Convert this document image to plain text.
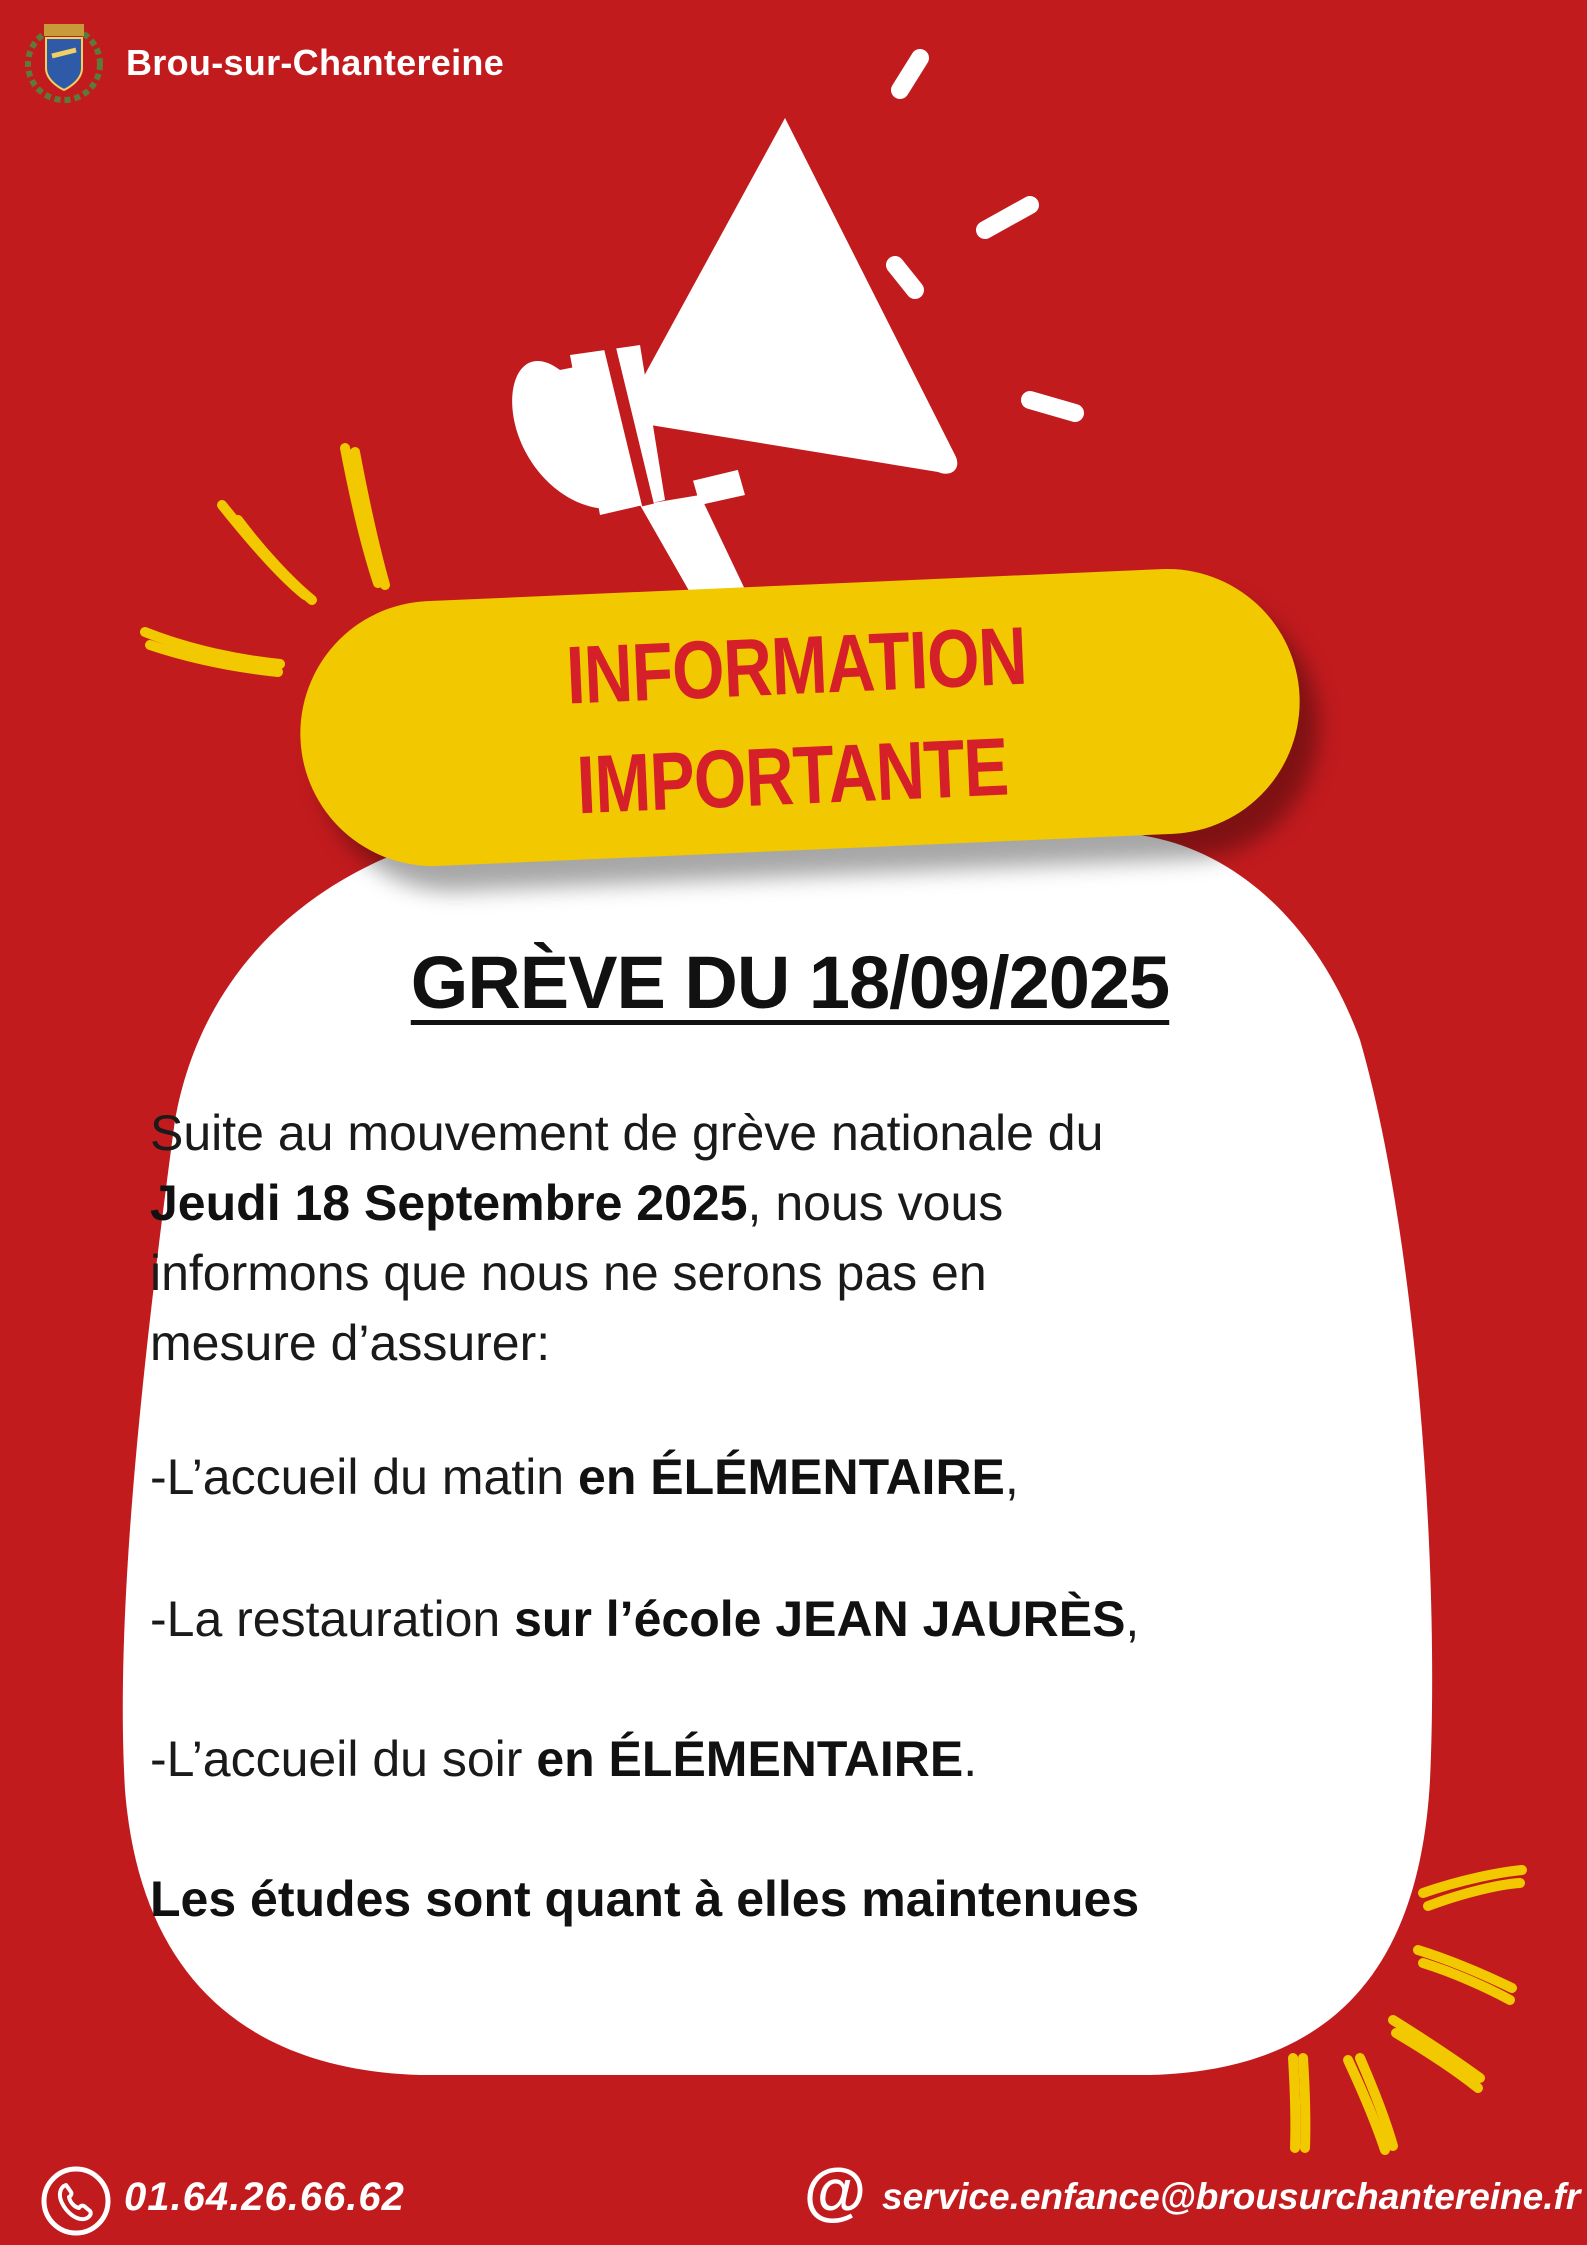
Brou-sur-Chantereine
INFORMATION
IMPORTANTE
GRÈVE DU 18/09/2025
Suite au mouvement de grève nationale du
Jeudi 18 Septembre 2025, nous vous
informons que nous ne serons pas en
mesure d’assurer:
-L’accueil du matin en ÉLÉMENTAIRE,
-La restauration sur l’école JEAN JAURÈS,
-L’accueil du soir en ÉLÉMENTAIRE.
Les études sont quant à elles maintenues
01.64.26.66.62	@ service.enfance@brousurchantereine.fr
